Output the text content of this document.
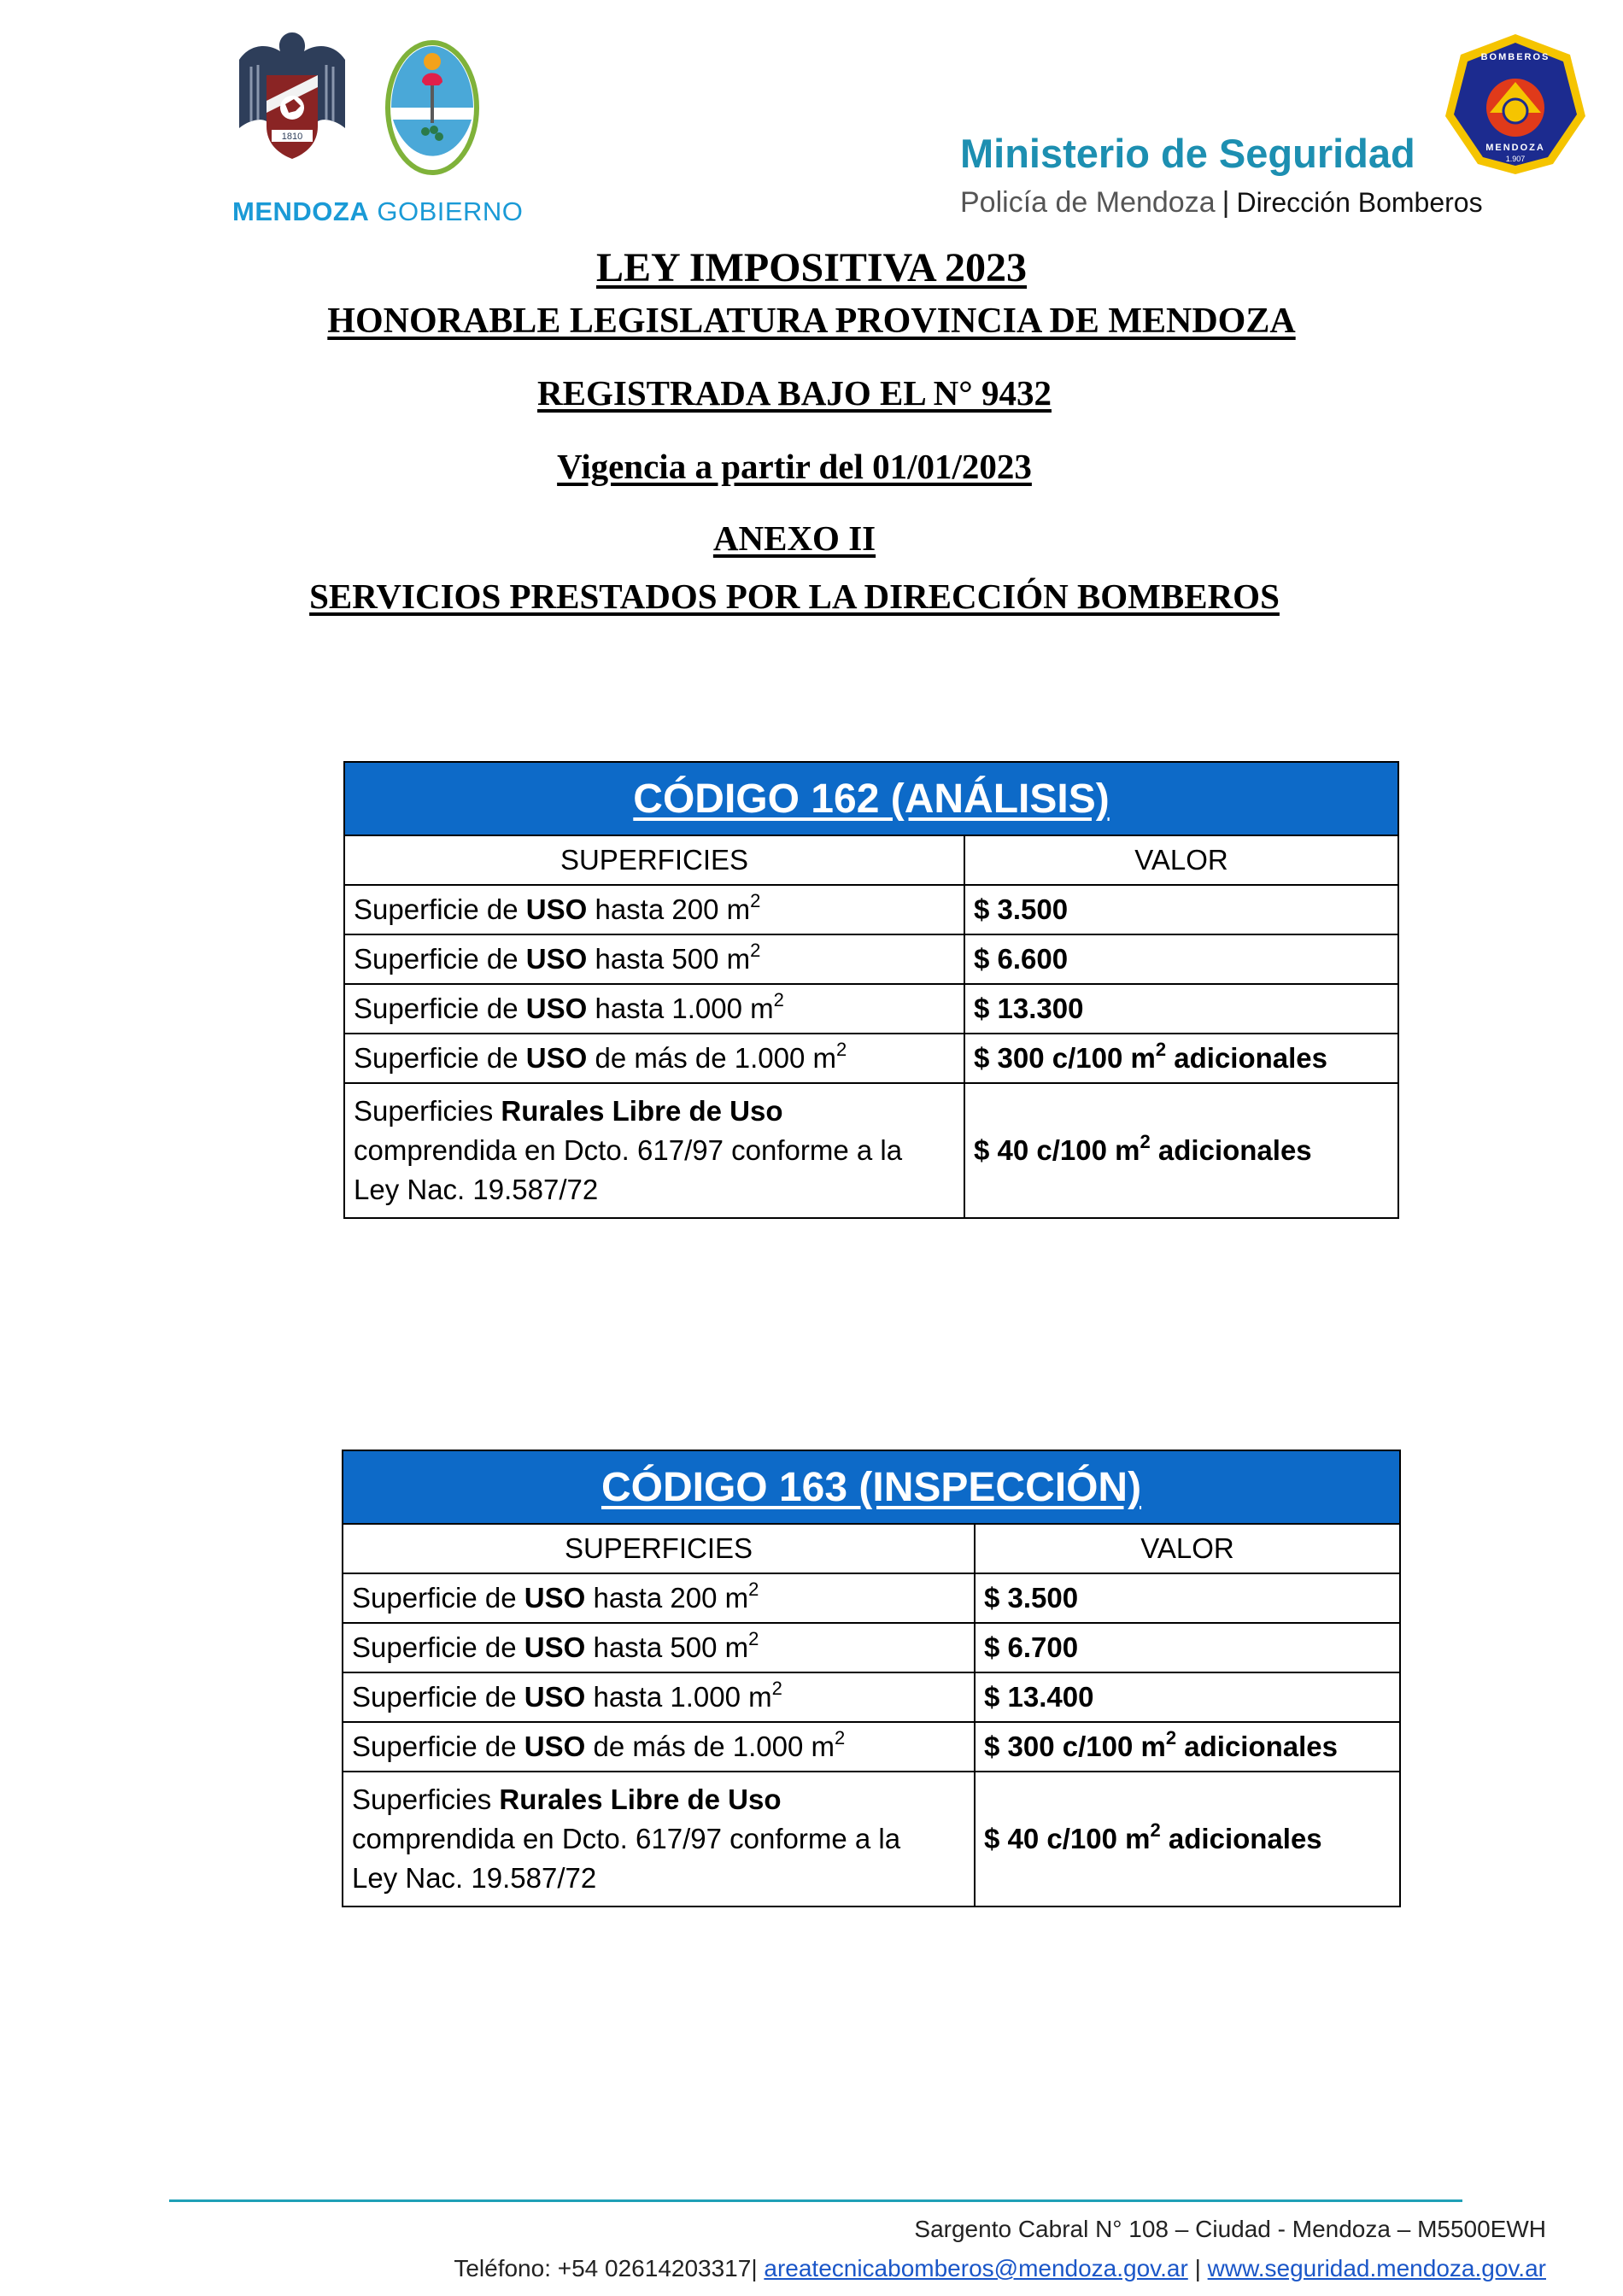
1810
MENDOZA GOBIERNO
Ministerio de Seguridad
Policía de Mendoza | Dirección Bomberos
BOMBEROS
MENDOZA
1.907
LEY IMPOSITIVA 2023
HONORABLE LEGISLATURA PROVINCIA DE MENDOZA
REGISTRADA BAJO EL N° 9432
Vigencia a partir del 01/01/2023
ANEXO II
SERVICIOS PRESTADOS POR LA DIRECCIÓN BOMBEROS
CÓDIGO 162 (ANÁLISIS)	
SUPERFICIES	VALOR
Superficie de USO hasta 200 $m^2$	$ 3.500
Superficie de USO hasta 500 $m^2$	$ 6.600
Superficie de USO hasta 1.000 $m^2$	$ 13.300
Superficie de USO de más de 1.000 $m^2$	$ 300 c/100 $m^2$ adicionales
Superficies Rurales Libre de Uso
comprendida en Dcto. 617/97 conforme a la
Ley Nac. 19.587/72	$ 40 c/100 $m^2$ adicionales
CÓDIGO 163 (INSPECCIÓN)	
SUPERFICIES	VALOR
Superficie de USO hasta 200 $m^2$	$ 3.500
Superficie de USO hasta 500 $m^2$	$ 6.700
Superficie de USO hasta 1.000 $m^2$	$ 13.400
Superficie de USO de más de 1.000 $m^2$	$ 300 c/100 $m^2$ adicionales
Superficies Rurales Libre de Uso
comprendida en Dcto. 617/97 conforme a la
Ley Nac. 19.587/72	$ 40 c/100 $m^2$ adicionales
Sargento Cabral N° 108 – Ciudad - Mendoza – M5500EWH
Teléfono: +54 02614203317| areatecnicabomberos@mendoza.gov.ar | www.seguridad.mendoza.gov.ar
